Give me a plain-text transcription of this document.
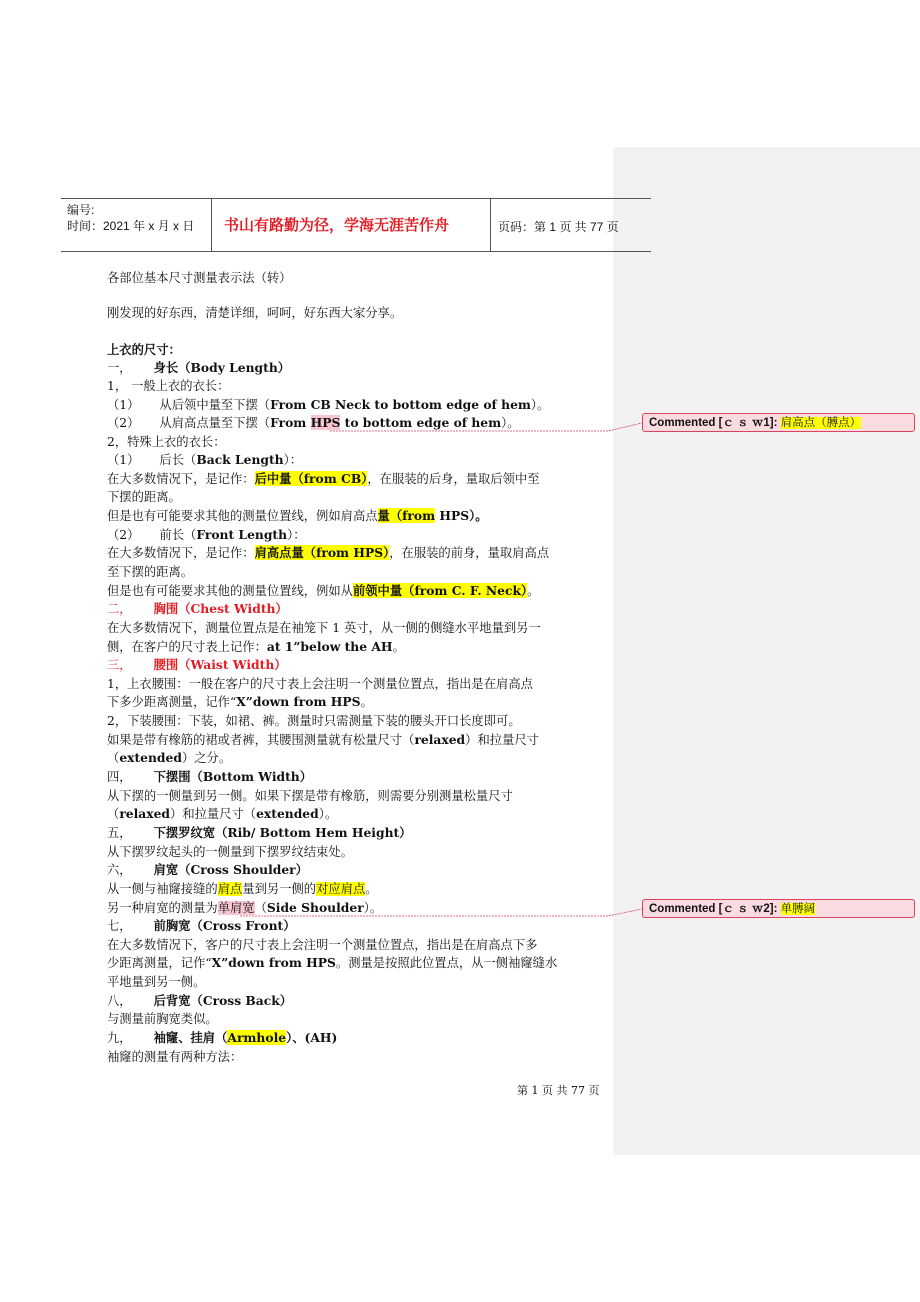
编号:
时间：2021 年 x 月 x 日 书山有路勤为径，学海无涯苦作舟	页码：第 1 页 共 77 页
各部位基本尺寸测量表示法（转）
刚发现的好东西，清楚详细，呵呵，好东西大家分享。
上衣的尺寸：
一， 身长（Body Length）
1， 一般上衣的衣长：
（1） 从后领中量至下摆（From CB Neck to bottom edge of hem）。
（2） 从肩高点量至下摆（From HPS to bottom edge of hem）。
2，特殊上衣的衣长：
（1） 后长（Back Length）：
在大多数情况下，是记作：后中量（from CB），在服装的后身，量取后领中至
下摆的距离。
但是也有可能要求其他的测量位置线，例如肩高点量（from HPS）。
（2） 前长（Front Length）：
在大多数情况下，是记作：肩高点量（from HPS），在服装的前身，量取肩高点
至下摆的距离。
但是也有可能要求其他的测量位置线，例如从前领中量（from C. F. Neck）。
二， 胸围（Chest Width）
在大多数情况下，测量位置点是在袖笼下 1 英寸，从一侧的侧缝水平地量到另一
侧，在客户的尺寸表上记作：at 1”below the AH。
三， 腰围（Waist Width）
1，上衣腰围：一般在客户的尺寸表上会注明一个测量位置点，指出是在肩高点
下多少距离测量，记作“X”down from HPS。
2，下装腰围：下装，如裙、裤。测量时只需测量下装的腰头开口长度即可。
如果是带有橡筋的裙或者裤，其腰围测量就有松量尺寸（relaxed）和拉量尺寸
（extended）之分。
四， 下摆围（Bottom Width）
从下摆的一侧量到另一侧。如果下摆是带有橡筋，则需要分别测量松量尺寸
（relaxed）和拉量尺寸（extended）。
五， 下摆罗纹宽（Rib/ Bottom Hem Height）
从下摆罗纹起头的一侧量到下摆罗纹结束处。
六， 肩宽（Cross Shoulder）
从一侧与袖窿接缝的肩点量到另一侧的对应肩点。
另一种肩宽的测量为单肩宽（Side Shoulder）。
七， 前胸宽（Cross Front）
在大多数情况下，客户的尺寸表上会注明一个测量位置点，指出是在肩高点下多
少距离测量，记作“X”down from HPS。测量是按照此位置点，从一侧袖窿缝水
平地量到另一侧。
八， 后背宽（Cross Back）
与测量前胸宽类似。
九， 袖窿、挂肩（Armhole）、(AH)
袖窿的测量有两种方法：
第 1 页 共 77 页
Commented [ｃ ｓ ｗ1]: 肩高点（膊点）
Commented [ｃ ｓ ｗ2]: 单膊阔
